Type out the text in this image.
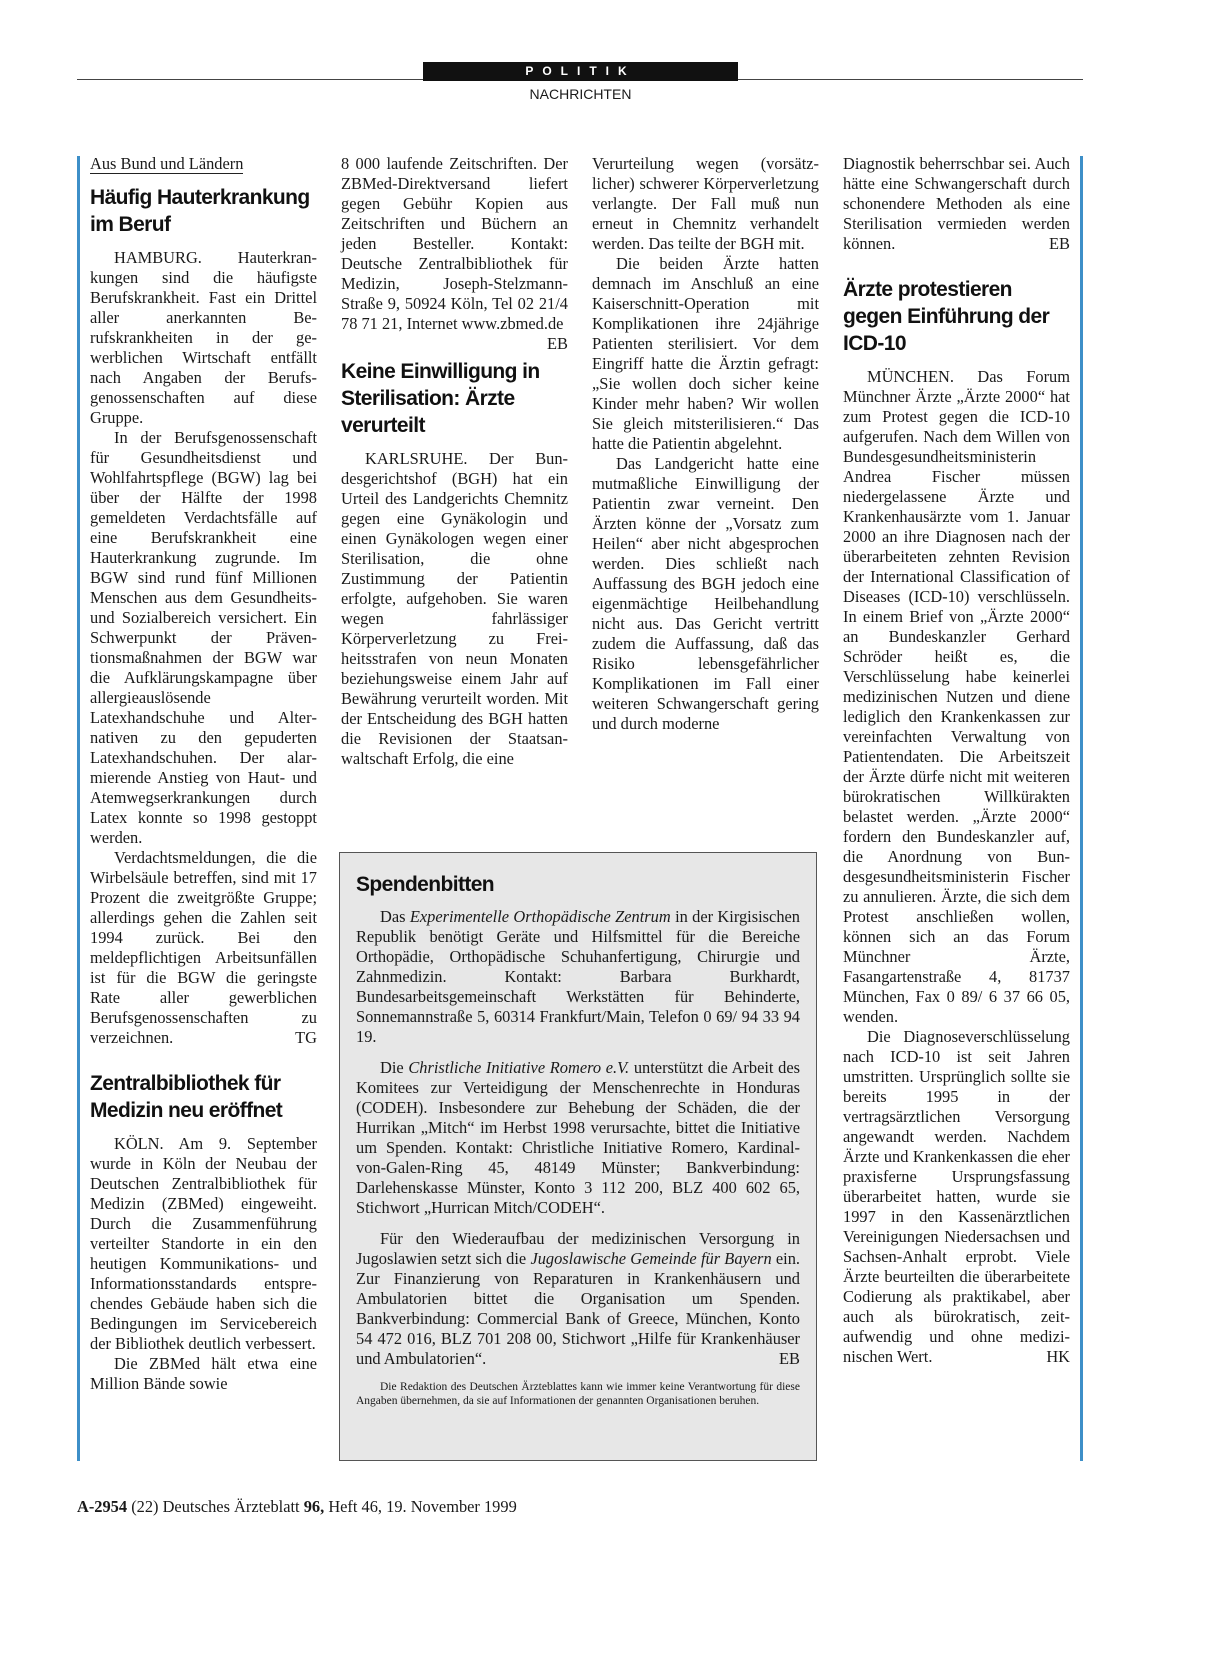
POLITIK
NACHRICHTEN
Aus Bund und Ländern
Häufig Hauterkrankung im Beruf

HAMBURG. Hauterkrankungen sind die häufigste Berufskrankheit. Fast ein Drittel aller anerkannten Berufskrankheiten in der gewerblichen Wirtschaft entfällt nach Angaben der Berufsgenossenschaften auf diese Gruppe.

In der Berufsgenossenschaft für Gesundheitsdienst und Wohlfahrtspflege (BGW) lag bei über der Hälfte der 1998 gemeldeten Verdachtsfälle auf eine Berufskrankheit eine Hauterkrankung zugrunde. Im BGW sind rund fünf Millionen Menschen aus dem Gesundheits- und Sozialbereich versichert. Ein Schwerpunkt der Präventionsmaßnahmen der BGW war die Aufklärungskampagne über allergieauslösende Latexhandschuhe und Alternativen zu den gepuderten Latexhandschuhen. Der alarmierende Anstieg von Haut- und Atemwegserkrankungen durch Latex konnte so 1998 gestoppt werden.

Verdachtsmeldungen, die die Wirbelsäule betreffen, sind mit 17 Prozent die zweitgrößte Gruppe; allerdings gehen die Zahlen seit 1994 zurück. Bei den meldepflichtigen Arbeitsunfällen ist für die BGW die geringste Rate aller gewerblichen Berufsgenossenschaften zu verzeichnen.	TG

Zentralbibliothek für Medizin neu eröffnet

KÖLN. Am 9. September wurde in Köln der Neubau der Deutschen Zentralbibliothek für Medizin (ZBMed) eingeweiht. Durch die Zusammenführung verteilter Standorte in ein den heutigen Kommunikations- und Informationsstandards entsprechendes Gebäude haben sich die Bedingungen im Servicebereich der Bibliothek deutlich verbessert.

Die ZBMed hält etwa eine Million Bände sowie

8 000 laufende Zeitschriften. Der ZBMed-Direktversand liefert gegen Gebühr Kopien aus Zeitschriften und Büchern an jeden Besteller. Kontakt: Deutsche Zentralbibliothek für Medizin, Joseph-Stelzmann-Straße 9, 50924 Köln, Tel 02 21/4 78 71 21, Internet www.zbmed.de
EB

Keine Einwilligung in Sterilisation: Ärzte verurteilt

KARLSRUHE. Der Bundesgerichtshof (BGH) hat ein Urteil des Landgerichts Chemnitz gegen eine Gynäkologin und einen Gynäkologen wegen einer Sterilisation, die ohne Zustimmung der Patientin erfolgte, aufgehoben. Sie waren wegen fahrlässiger Körperverletzung zu Freiheitsstrafen von neun Monaten beziehungsweise einem Jahr auf Bewährung verurteilt worden. Mit der Entscheidung des BGH hatten die Revisionen der Staatsanwaltschaft Erfolg, die eine

Verurteilung wegen (vorsätzlicher) schwerer Körperverletzung verlangte. Der Fall muß nun erneut in Chemnitz verhandelt werden. Das teilte der BGH mit.

Die beiden Ärzte hatten demnach im Anschluß an eine Kaiserschnitt-Operation mit Komplikationen ihre 24jährige Patienten sterilisiert. Vor dem Eingriff hatte die Ärztin gefragt: „Sie wollen doch sicher keine Kinder mehr haben? Wir wollen Sie gleich mitsterilisieren.“ Das hatte die Patientin abgelehnt.

Das Landgericht hatte eine mutmaßliche Einwilligung der Patientin zwar verneint. Den Ärzten könne der „Vorsatz zum Heilen“ aber nicht abgesprochen werden. Dies schließt nach Auffassung des BGH jedoch eine eigenmächtige Heilbehandlung nicht aus. Das Gericht vertritt zudem die Auffassung, daß das Risiko lebensgefährlicher Komplikationen im Fall einer weiteren Schwangerschaft gering und durch moderne

Diagnostik beherrschbar sei. Auch hätte eine Schwangerschaft durch schonendere Methoden als eine Sterilisation vermieden werden können.	EB

Ärzte protestieren gegen Einführung der ICD-10

MÜNCHEN. Das Forum Münchner Ärzte „Ärzte 2000“ hat zum Protest gegen die ICD-10 aufgerufen. Nach dem Willen von Bundesgesundheitsministerin Andrea Fischer müssen niedergelassene Ärzte und Krankenhausärzte vom 1. Januar 2000 an ihre Diagnosen nach der überarbeiteten zehnten Revision der International Classification of Diseases (ICD-10) verschlüsseln. In einem Brief von „Ärzte 2000“ an Bundeskanzler Gerhard Schröder heißt es, die Verschlüsselung habe keinerlei medizinischen Nutzen und diene lediglich den Krankenkassen zur vereinfachten Verwaltung von Patientendaten. Die Arbeitszeit der Ärzte dürfe nicht mit weiteren bürokratischen Willkürakten belastet werden. „Ärzte 2000“ fordern den Bundeskanzler auf, die Anordnung von Bundesgesundheitsministerin Fischer zu annulieren. Ärzte, die sich dem Protest anschließen wollen, können sich an das Forum Münchner Ärzte, Fasangartenstraße 4, 81737 München, Fax 0 89/ 6 37 66 05, wenden.

Die Diagnoseverschlüsselung nach ICD-10 ist seit Jahren umstritten. Ursprünglich sollte sie bereits 1995 in der vertragsärztlichen Versorgung angewandt werden. Nachdem Ärzte und Krankenkassen die eher praxisferne Ursprungsfassung überarbeitet hatten, wurde sie 1997 in den Kassenärztlichen Vereinigungen Niedersachsen und Sachsen-Anhalt erprobt. Viele Ärzte beurteilten die überarbeitete Codierung als praktikabel, aber auch als bürokratisch, zeitaufwendig und ohne medizinischen Wert.	HK

Spendenbitten

Das Experimentelle Orthopädische Zentrum in der Kirgisischen Republik benötigt Geräte und Hilfsmittel für die Bereiche Orthopädie, Orthopädische Schuhanfertigung, Chirurgie und Zahnmedizin. Kontakt: Barbara Burkhardt, Bundesarbeitsgemeinschaft Werkstätten für Behinderte, Sonnemannstraße 5, 60314 Frankfurt/Main, Telefon 0 69/ 94 33 94 19.

Die Christliche Initiative Romero e.V. unterstützt die Arbeit des Komitees zur Verteidigung der Menschenrechte in Honduras (CODEH). Insbesondere zur Behebung der Schäden, die der Hurrikan „Mitch“ im Herbst 1998 verursachte, bittet die Initiative um Spenden. Kontakt: Christliche Initiative Romero, Kardinal-von-Galen-Ring 45, 48149 Münster; Bankverbindung: Darlehenskasse Münster, Konto 3 112 200, BLZ 400 602 65, Stichwort „Hurrican Mitch/CODEH“.

Für den Wiederaufbau der medizinischen Versorgung in Jugoslawien setzt sich die Jugoslawische Gemeinde für Bayern ein. Zur Finanzierung von Reparaturen in Krankenhäusern und Ambulatorien bittet die Organisation um Spenden. Bankverbindung: Commercial Bank of Greece, München, Konto 54 472 016, BLZ 701 208 00, Stichwort „Hilfe für Krankenhäuser und Ambulatorien“.	EB

Die Redaktion des Deutschen Ärzteblattes kann wie immer keine Verantwortung für diese Angaben übernehmen, da sie auf Informationen der genannten Organisationen beruhen.

A-2954 (22) Deutsches Ärzteblatt 96, Heft 46, 19. November 1999
